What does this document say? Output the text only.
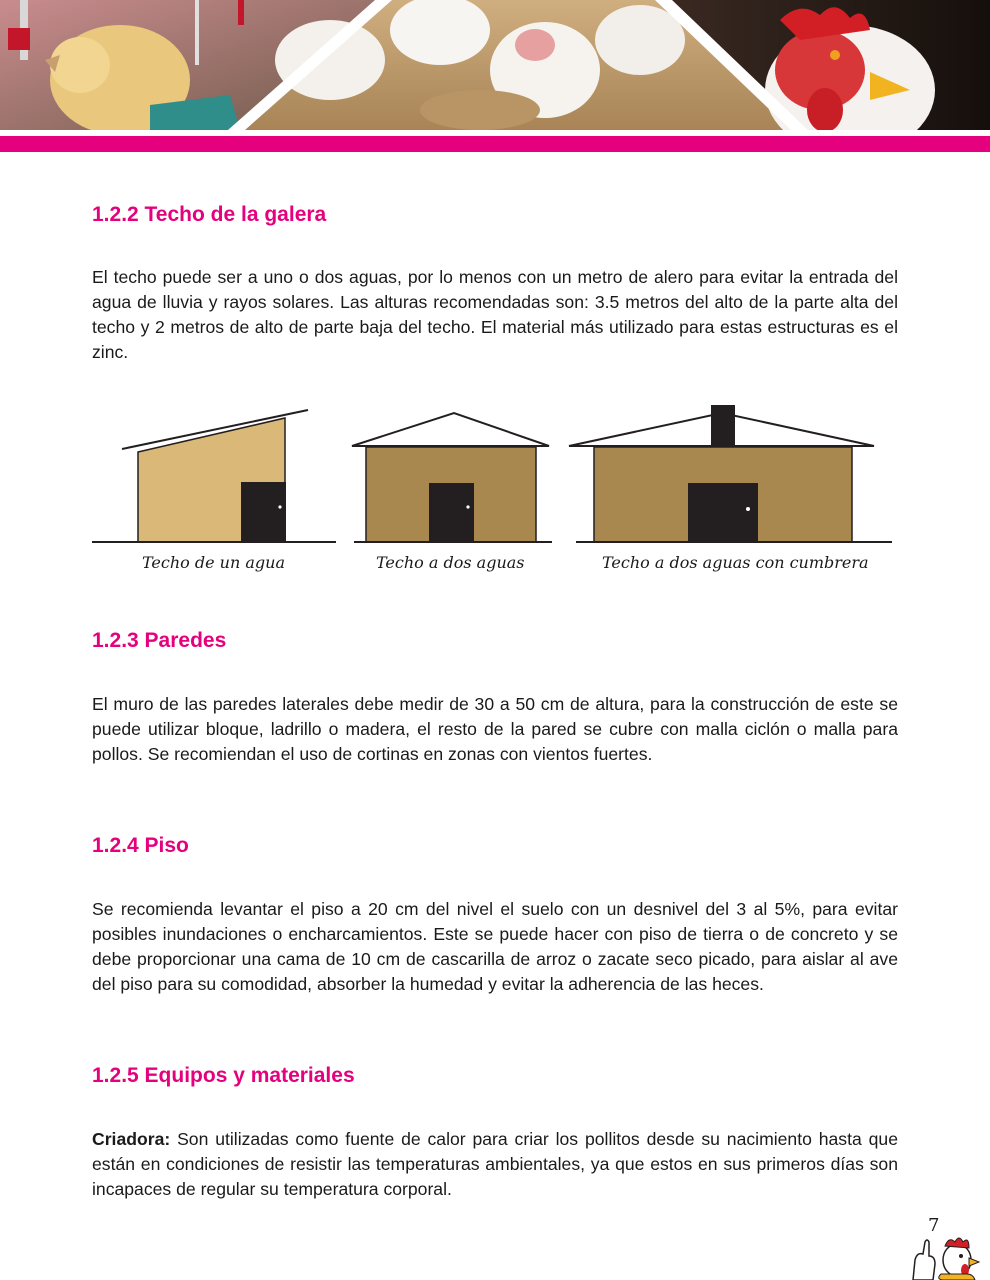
1.2.2 Techo de la galera

El techo puede ser a uno o dos aguas, por lo menos con un metro de alero para evitar la entrada del agua de lluvia y rayos solares. Las alturas recomendadas son: 3.5 metros del alto de la parte alta del techo y 2 metros de alto de parte baja del techo. El material más utilizado para estas estructuras es el zinc.

1.2.3 Paredes

El muro de las paredes laterales debe medir de 30 a 50 cm de altura, para la construcción de este se puede utilizar bloque, ladrillo o madera, el resto de la pared se cubre con malla ciclón o malla para pollos. Se recomiendan el uso de cortinas en zonas con vientos fuertes.

1.2.4 Piso

Se recomienda levantar el piso a 20 cm del nivel el suelo con un desnivel del 3 al 5%, para evitar posibles inundaciones o encharcamientos. Este se puede hacer con piso de tierra o de concreto y se debe proporcionar una cama de 10 cm de cascarilla de arroz o zacate seco picado, para aislar al ave del piso para su comodidad, absorber la humedad y evitar la adherencia de las heces.

1.2.5 Equipos y materiales

Criadora: Son utilizadas como fuente de calor para criar los pollitos desde su nacimiento hasta que están en condiciones de resistir las temperaturas ambientales, ya que estos en sus primeros días son incapaces de regular su temperatura corporal.

Techo de un agua	Techo a dos aguas	Techo a dos aguas con cumbrera
7
